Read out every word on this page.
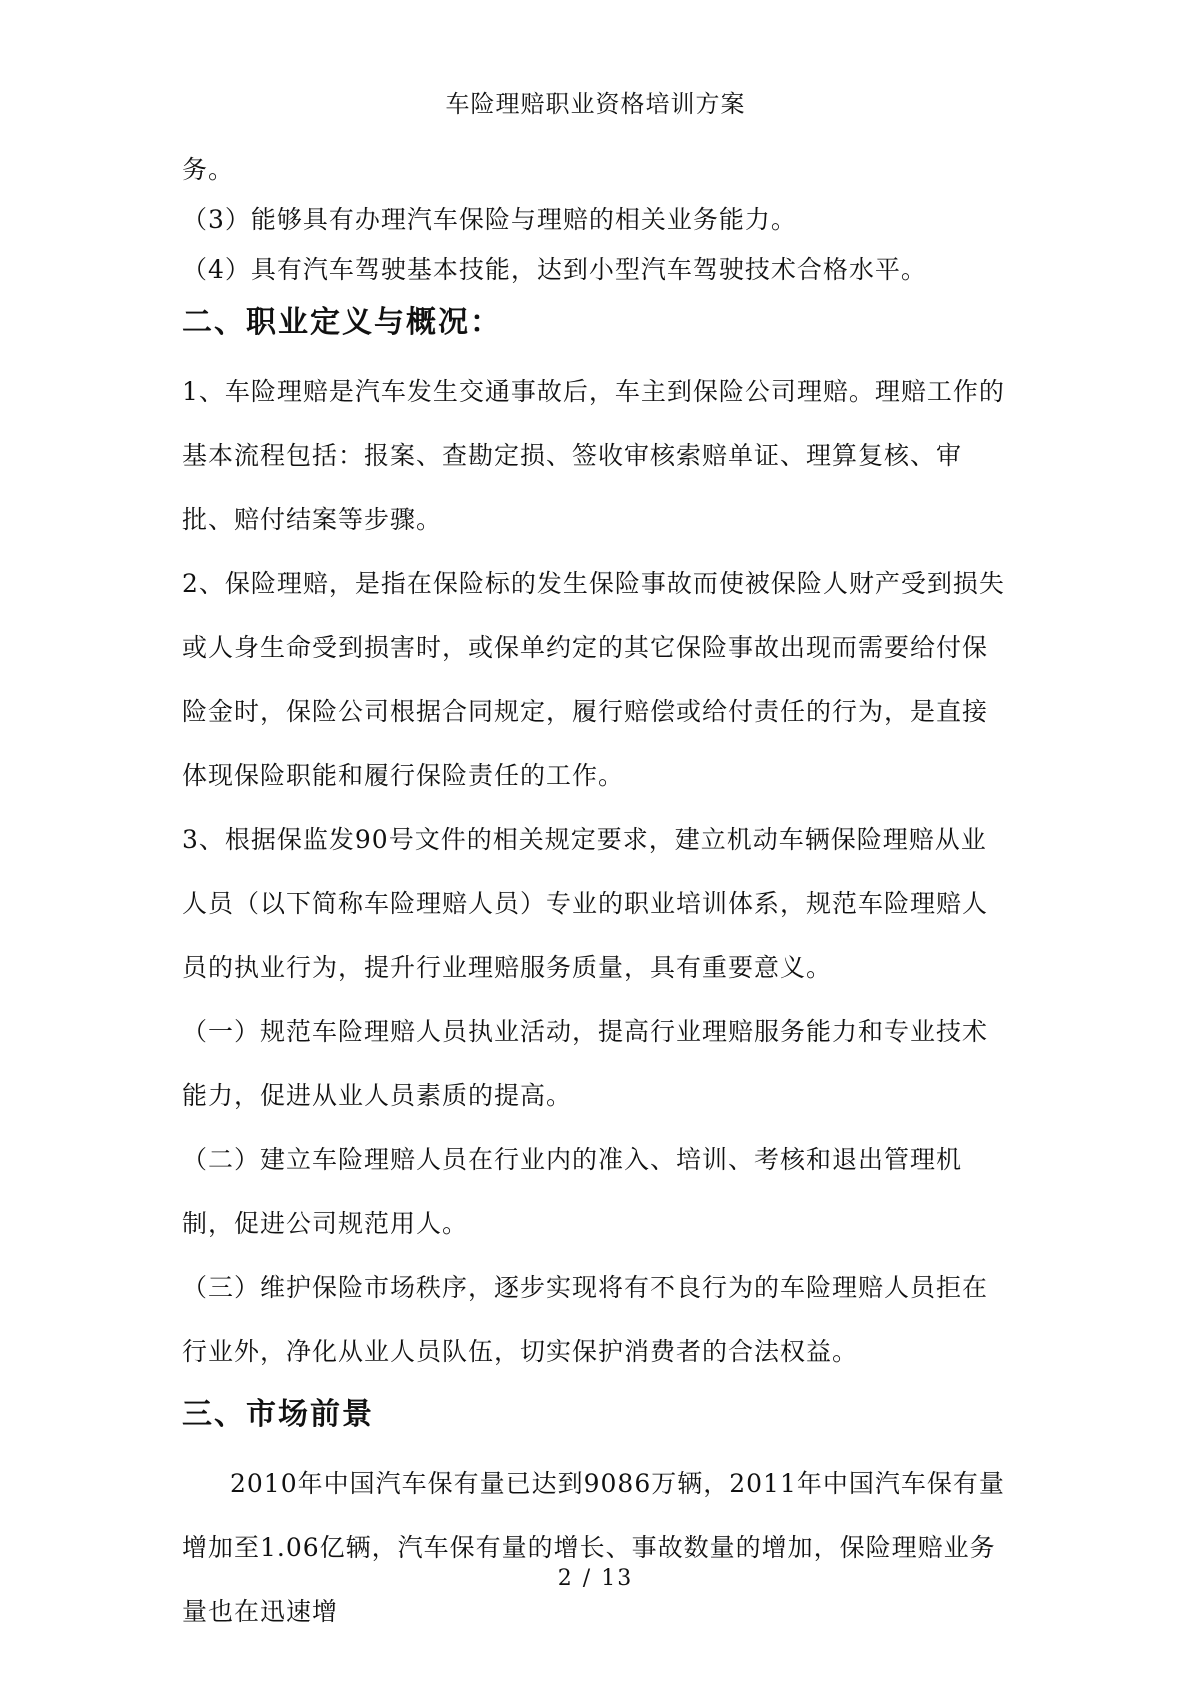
车险理赔职业资格培训方案

务。

（3）能够具有办理汽车保险与理赔的相关业务能力。

（4）具有汽车驾驶基本技能，达到小型汽车驾驶技术合格水平。

二、职业定义与概况：

1、车险理赔是汽车发生交通事故后，车主到保险公司理赔。理赔工作的基本流程包括：报案、查勘定损、签收审核索赔单证、理算复核、审批、赔付结案等步骤。

2、保险理赔，是指在保险标的发生保险事故而使被保险人财产受到损失或人身生命受到损害时，或保单约定的其它保险事故出现而需要给付保险金时，保险公司根据合同规定，履行赔偿或给付责任的行为，是直接体现保险职能和履行保险责任的工作。

3、根据保监发90号文件的相关规定要求，建立机动车辆保险理赔从业人员（以下简称车险理赔人员）专业的职业培训体系，规范车险理赔人员的执业行为，提升行业理赔服务质量，具有重要意义。

（一）规范车险理赔人员执业活动，提高行业理赔服务能力和专业技术能力，促进从业人员素质的提高。

（二）建立车险理赔人员在行业内的准入、培训、考核和退出管理机制，促进公司规范用人。

（三）维护保险市场秩序，逐步实现将有不良行为的车险理赔人员拒在行业外，净化从业人员队伍，切实保护消费者的合法权益。

三、市场前景

2010年中国汽车保有量已达到9086万辆，2011年中国汽车保有量增加至1.06亿辆，汽车保有量的增长、事故数量的增加，保险理赔业务量也在迅速增

2 / 13
